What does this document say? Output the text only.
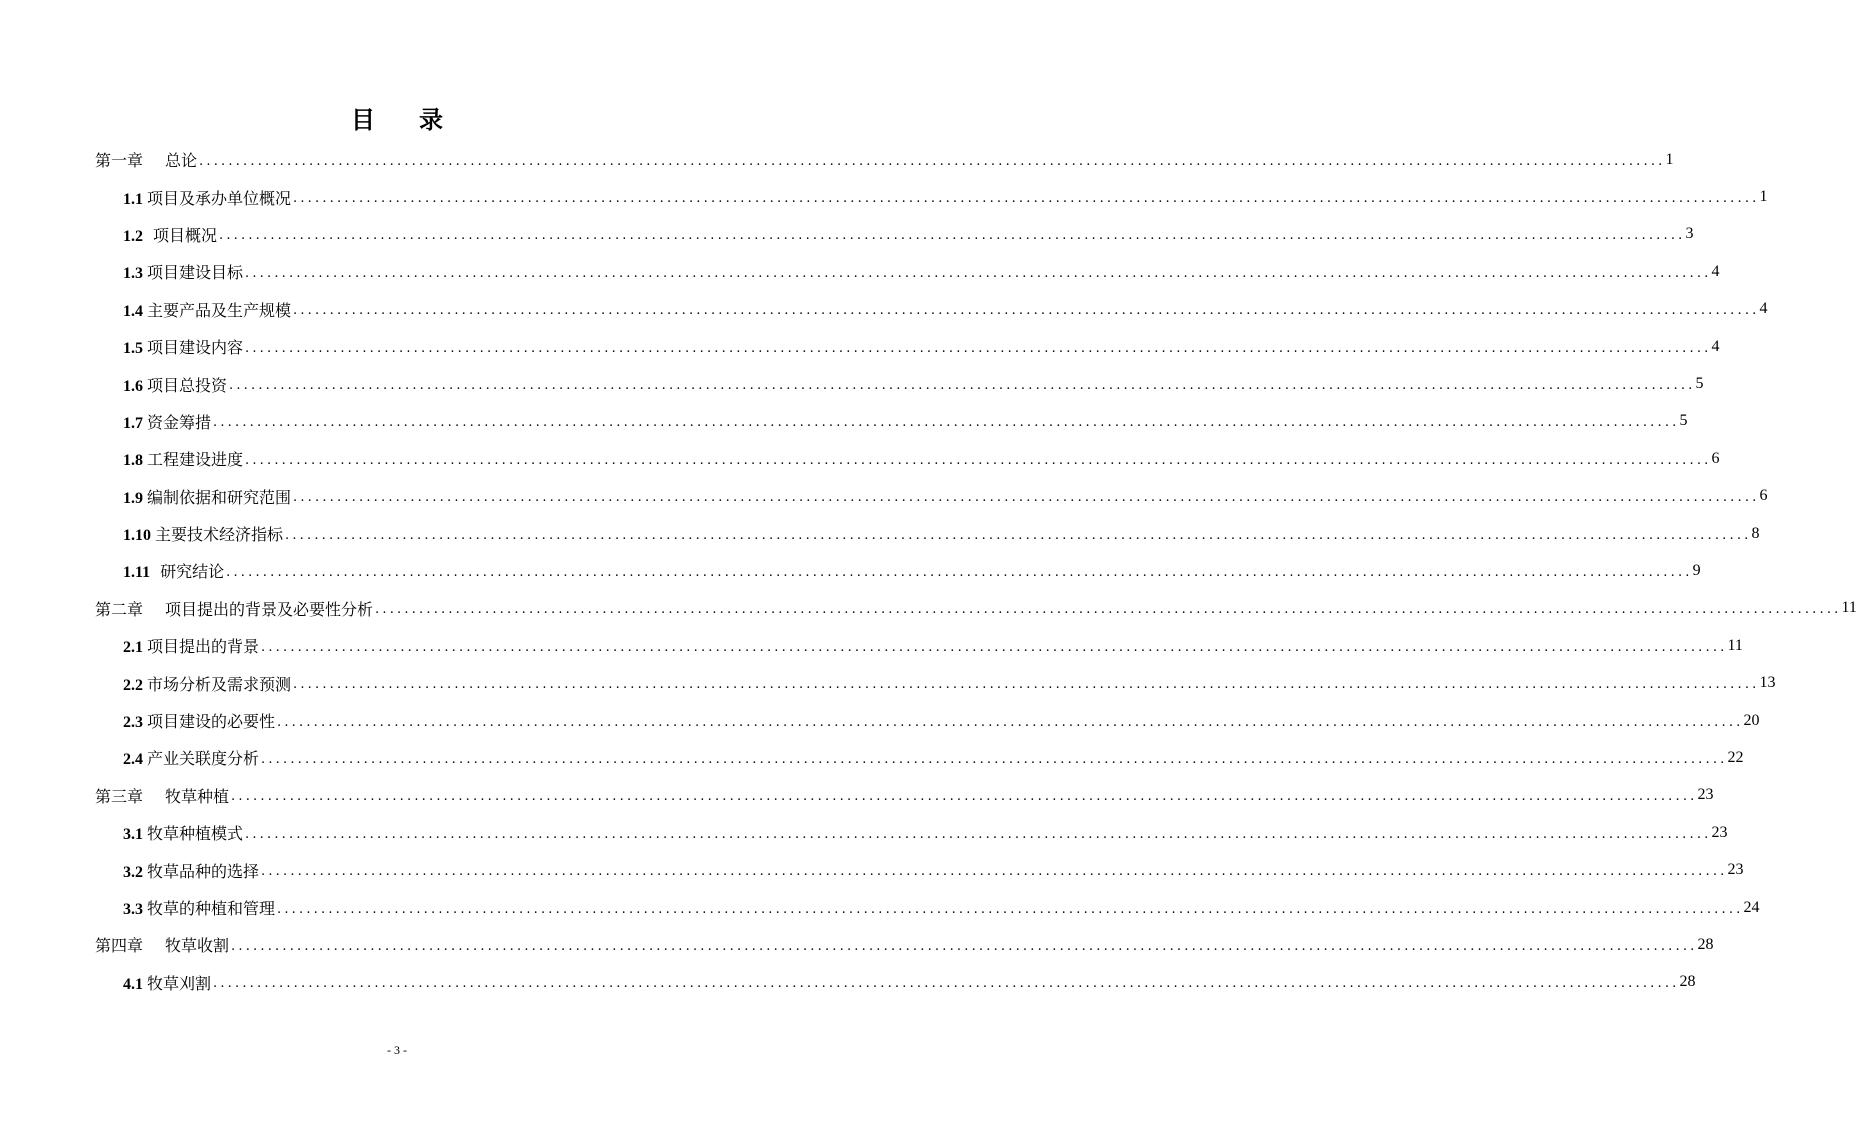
目 录
第一章 总论 ........................................................................................................................................................................................................ 1
1.1 项目及承办单位概况 ........................................................................................................................................................................................................ 1
1.2 项目概况 ........................................................................................................................................................................................................ 3
1.3 项目建设目标 ........................................................................................................................................................................................................ 4
1.4 主要产品及生产规模 ........................................................................................................................................................................................................ 4
1.5 项目建设内容 ........................................................................................................................................................................................................ 4
1.6 项目总投资 ........................................................................................................................................................................................................ 5
1.7 资金筹措 ........................................................................................................................................................................................................ 5
1.8 工程建设进度 ........................................................................................................................................................................................................ 6
1.9 编制依据和研究范围 ........................................................................................................................................................................................................ 6
1.10 主要技术经济指标 ........................................................................................................................................................................................................ 8
1.11 研究结论 ........................................................................................................................................................................................................ 9
第二章 项目提出的背景及必要性分析 ........................................................................................................................................................................................................ 11
2.1 项目提出的背景 ........................................................................................................................................................................................................ 11
2.2 市场分析及需求预测 ........................................................................................................................................................................................................ 13
2.3 项目建设的必要性 ........................................................................................................................................................................................................ 20
2.4 产业关联度分析 ........................................................................................................................................................................................................ 22
第三章 牧草种植 ........................................................................................................................................................................................................ 23
3.1 牧草种植模式 ........................................................................................................................................................................................................ 23
3.2 牧草品种的选择 ........................................................................................................................................................................................................ 23
3.3 牧草的种植和管理 ........................................................................................................................................................................................................ 24
第四章 牧草收割 ........................................................................................................................................................................................................ 28
4.1 牧草刈割 ........................................................................................................................................................................................................ 28
- 3 -
